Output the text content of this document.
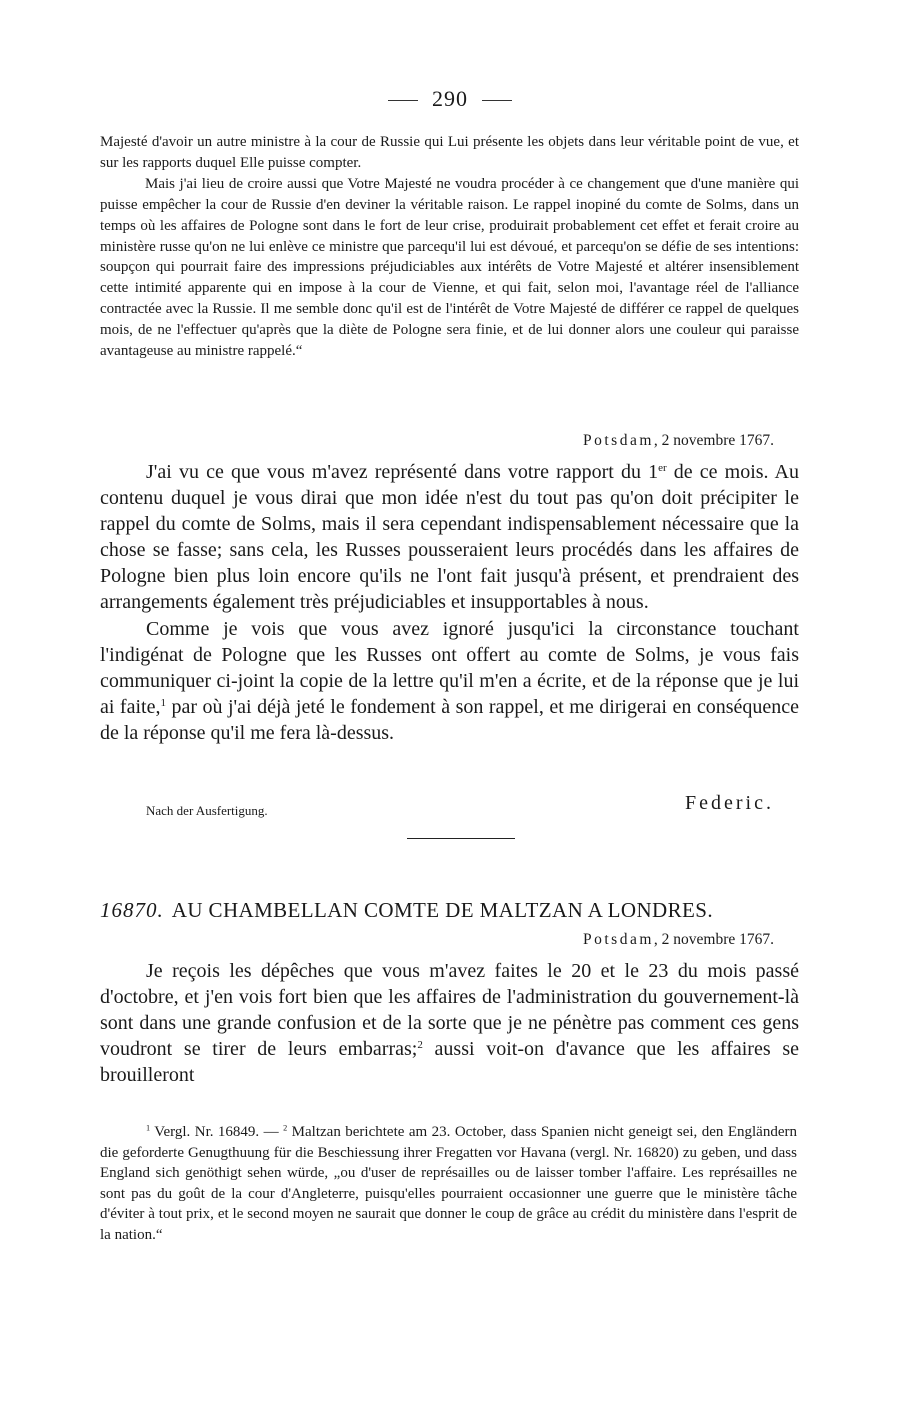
290

Majesté d'avoir un autre ministre à la cour de Russie qui Lui présente les objets dans leur véritable point de vue, et sur les rapports duquel Elle puisse compter.

Mais j'ai lieu de croire aussi que Votre Majesté ne voudra procéder à ce changement que d'une manière qui puisse empêcher la cour de Russie d'en deviner la véritable raison. Le rappel inopiné du comte de Solms, dans un temps où les affaires de Pologne sont dans le fort de leur crise, produirait probablement cet effet et ferait croire au ministère russe qu'on ne lui enlève ce ministre que parcequ'il lui est dévoué, et parcequ'on se défie de ses intentions: soupçon qui pourrait faire des impressions préjudiciables aux intérêts de Votre Majesté et altérer insensiblement cette intimité apparente qui en impose à la cour de Vienne, et qui fait, selon moi, l'avantage réel de l'alliance contractée avec la Russie. Il me semble donc qu'il est de l'intérêt de Votre Majesté de différer ce rappel de quelques mois, de ne l'effectuer qu'après que la diète de Pologne sera finie, et de lui donner alors une couleur qui paraisse avantageuse au ministre rappelé.“

Potsdam, 2 novembre 1767.

J'ai vu ce que vous m'avez représenté dans votre rapport du 1er de ce mois. Au contenu duquel je vous dirai que mon idée n'est du tout pas qu'on doit précipiter le rappel du comte de Solms, mais il sera cependant indispensablement nécessaire que la chose se fasse; sans cela, les Russes pousseraient leurs procédés dans les affaires de Pologne bien plus loin encore qu'ils ne l'ont fait jusqu'à présent, et prendraient des arrangements également très préjudiciables et insupportables à nous.

Comme je vois que vous avez ignoré jusqu'ici la circonstance touchant l'indigénat de Pologne que les Russes ont offert au comte de Solms, je vous fais communiquer ci-joint la copie de la lettre qu'il m'en a écrite, et de la réponse que je lui ai faite,$^1$ par où j'ai déjà jeté le fondement à son rappel, et me dirigerai en conséquence de la réponse qu'il me fera là-dessus.

Nach der Ausfertigung.	Federic.
16870. AU CHAMBELLAN COMTE DE MALTZAN A LONDRES.
Potsdam, 2 novembre 1767.

Je reçois les dépêches que vous m'avez faites le 20 et le 23 du mois passé d'octobre, et j'en vois fort bien que les affaires de l'administration du gouvernement-là sont dans une grande confusion et de la sorte que je ne pénètre pas comment ces gens voudront se tirer de leurs embarras;$^2$ aussi voit-on d'avance que les affaires se brouilleront

$^1$ Vergl. Nr. 16849. — $^2$ Maltzan berichtete am 23. October, dass Spanien nicht geneigt sei, den Engländern die geforderte Genugthuung für die Beschiessung ihrer Fregatten vor Havana (vergl. Nr. 16820) zu geben, und dass England sich genöthigt sehen würde, „ou d'user de représailles ou de laisser tomber l'affaire. Les représailles ne sont pas du goût de la cour d'Angleterre, puisqu'elles pourraient occasionner une guerre que le ministère tâche d'éviter à tout prix, et le second moyen ne saurait que donner le coup de grâce au crédit du ministère dans l'esprit de la nation.“
